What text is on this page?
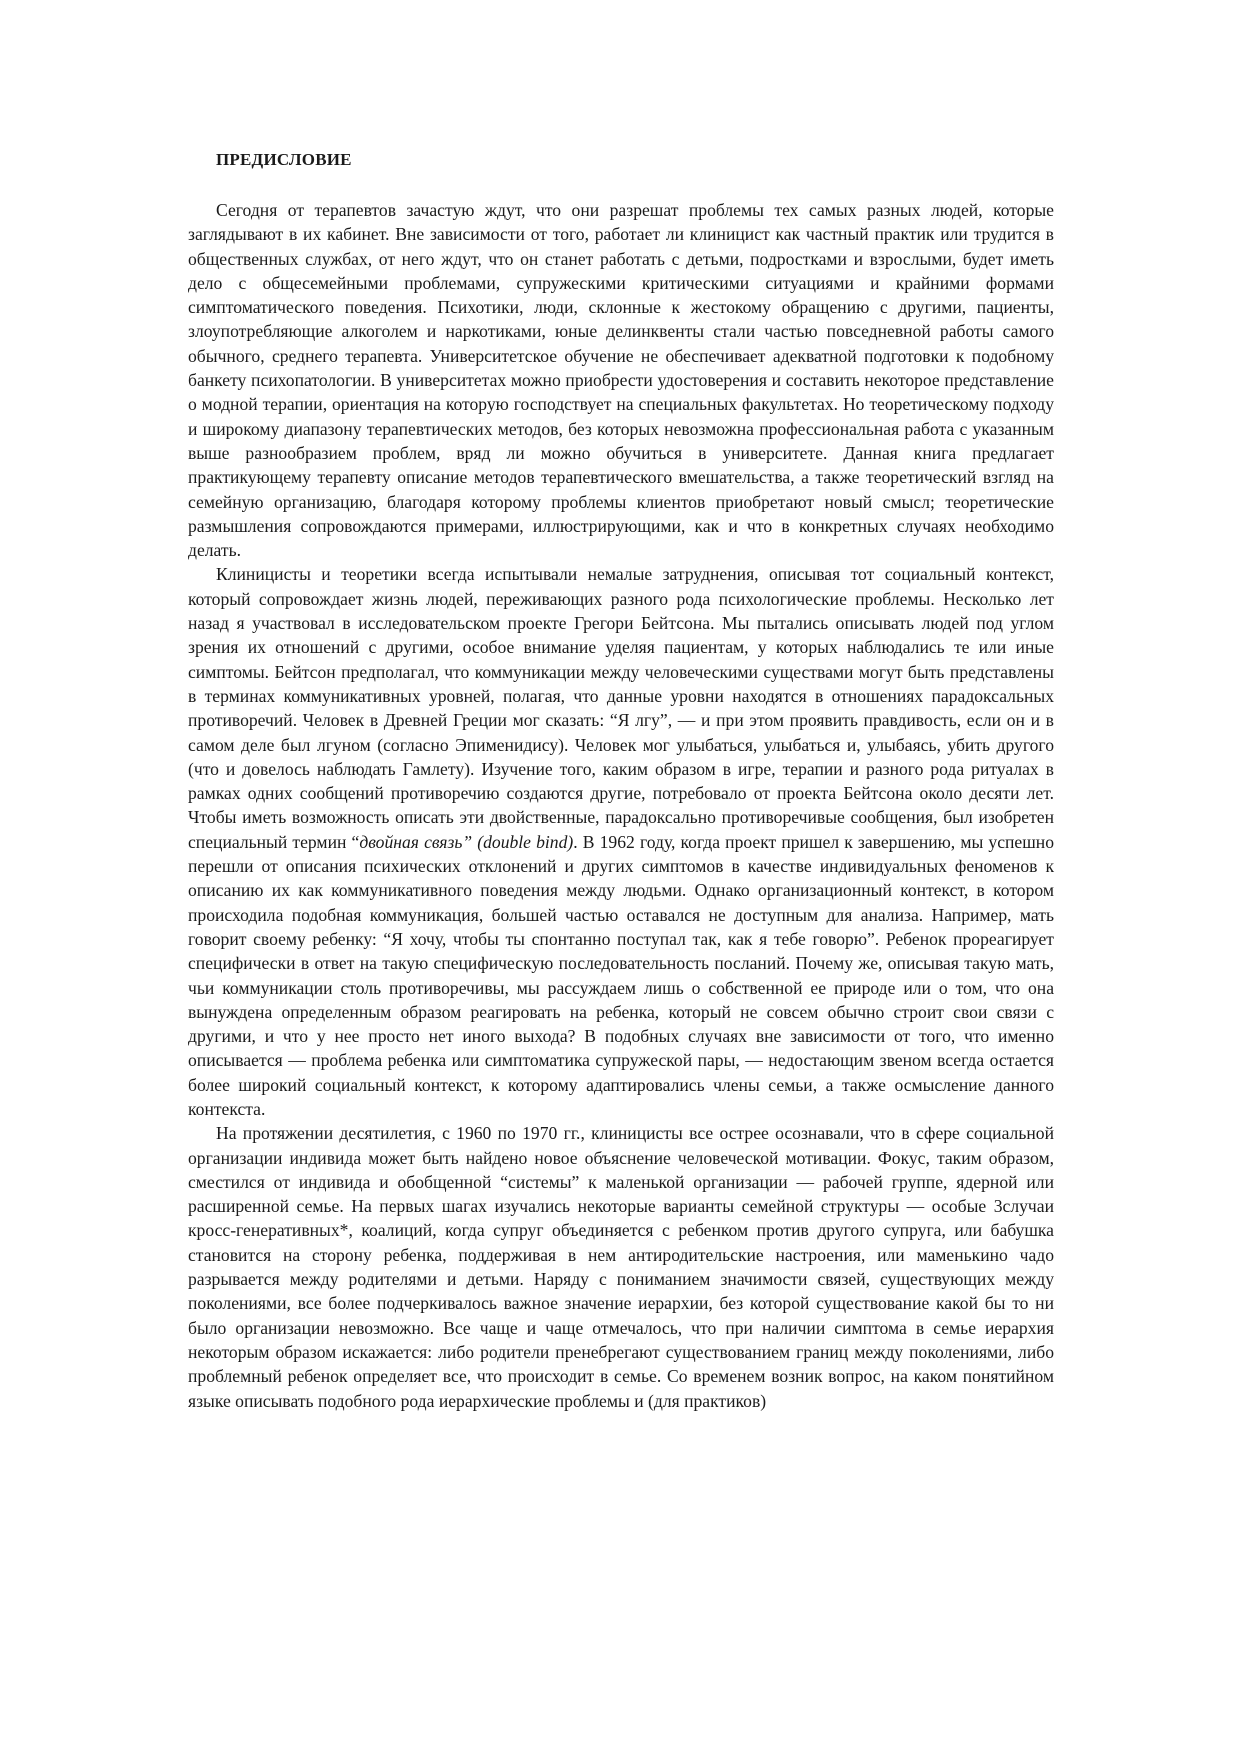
ПРЕДИСЛОВИЕ

Сегодня от терапевтов зачастую ждут, что они разрешат проблемы тех самых разных людей, которые заглядывают в их кабинет. Вне зависимости от того, работает ли клиницист как частный практик или трудится в общественных службах, от него ждут, что он станет работать с детьми, подростками и взрослыми, будет иметь дело с общесемейными проблемами, супружескими критическими ситуациями и крайними формами симптоматического поведения. Психотики, люди, склонные к жестокому обращению с другими, пациенты, злоупотребляющие алкоголем и наркотиками, юные делинквенты стали частью повседневной работы самого обычного, среднего терапевта. Университетское обучение не обеспечивает адекватной подготовки к подобному банкету психопатологии. В университетах можно приобрести удостоверения и составить некоторое представление о модной терапии, ориентация на которую господствует на специальных факультетах. Но теоретическому подходу и широкому диапазону терапевтических методов, без которых невозможна профессиональная работа с указанным выше разнообразием проблем, вряд ли можно обучиться в университете. Данная книга предлагает практикующему терапевту описание методов терапевтического вмешательства, а также теоретический взгляд на семейную организацию, благодаря которому проблемы клиентов приобретают новый смысл; теоретические размышления сопровождаются примерами, иллюстрирующими, как и что в конкретных случаях необходимо делать.

Клиницисты и теоретики всегда испытывали немалые затруднения, описывая тот социальный контекст, который сопровождает жизнь людей, переживающих разного рода психологические проблемы. Несколько лет назад я участвовал в исследовательском проекте Грегори Бейтсона. Мы пытались описывать людей под углом зрения их отношений с другими, особое внимание уделяя пациентам, у которых наблюдались те или иные симптомы. Бейтсон предполагал, что коммуникации между человеческими существами могут быть представлены в терминах коммуникативных уровней, полагая, что данные уровни находятся в отношениях парадоксальных противоречий. Человек в Древней Греции мог сказать: “Я лгу”, — и при этом проявить правдивость, если он и в самом деле был лгуном (согласно Эпименидису). Человек мог улыбаться, улыбаться и, улыбаясь, убить другого (что и довелось наблюдать Гамлету). Изучение того, каким образом в игре, терапии и разного рода ритуалах в рамках одних сообщений противоречию создаются другие, потребовало от проекта Бейтсона около десяти лет. Чтобы иметь возможность описать эти двойственные, парадоксально противоречивые сообщения, был изобретен специальный термин “двойная связь” (double bind). В 1962 году, когда проект пришел к завершению, мы успешно перешли от описания психических отклонений и других симптомов в качестве индивидуальных феноменов к описанию их как коммуникативного поведения между людьми. Однако организационный контекст, в котором происходила подобная коммуникация, большей частью оставался не доступным для анализа. Например, мать говорит своему ребенку: “Я хочу, чтобы ты спонтанно поступал так, как я тебе говорю”. Ребенок прореагирует специфически в ответ на такую специфическую последовательность посланий. Почему же, описывая такую мать, чьи коммуникации столь противоречивы, мы рассуждаем лишь о собственной ее природе или о том, что она вынуждена определенным образом реагировать на ребенка, который не совсем обычно строит свои связи с другими, и что у нее просто нет иного выхода? В подобных случаях вне зависимости от того, что именно описывается — проблема ребенка или симптоматика супружеской пары, — недостающим звеном всегда остается более широкий социальный контекст, к которому адаптировались члены семьи, а также осмысление данного контекста.

На протяжении десятилетия, с 1960 по 1970 гг., клиницисты все острее осознавали, что в сфере социальной организации индивида может быть найдено новое объяснение человеческой мотивации. Фокус, таким образом, сместился от индивида и обобщенной “системы” к маленькой организации — рабочей группе, ядерной или расширенной семье. На первых шагах изучались некоторые варианты семейной структуры — особые 3случаи кросс-генеративных*, коалиций, когда супруг объединяется с ребенком против другого супруга, или бабушка становится на сторону ребенка, поддерживая в нем антиродительские настроения, или маменькино чадо разрывается между родителями и детьми. Наряду с пониманием значимости связей, существующих между поколениями, все более подчеркивалось важное значение иерархии, без которой существование какой бы то ни было организации невозможно. Все чаще и чаще отмечалось, что при наличии симптома в семье иерархия некоторым образом искажается: либо родители пренебрегают существованием границ между поколениями, либо проблемный ребенок определяет все, что происходит в семье. Со временем возник вопрос, на каком понятийном языке описывать подобного рода иерархические проблемы и (для практиков)
